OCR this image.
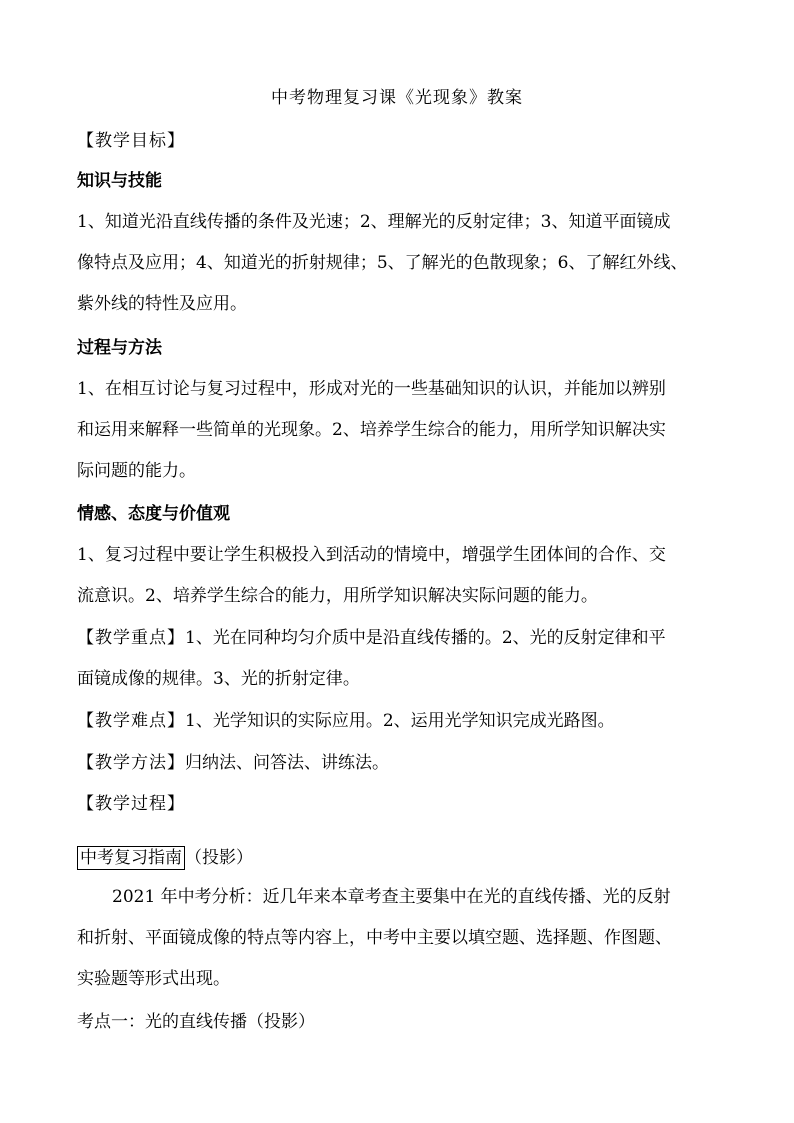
中考物理复习课《光现象》教案
【教学目标】
知识与技能
1、知道光沿直线传播的条件及光速；2、理解光的反射定律；3、知道平面镜成
像特点及应用；4、知道光的折射规律；5、了解光的色散现象；6、了解红外线、
紫外线的特性及应用。
过程与方法
1、在相互讨论与复习过程中，形成对光的一些基础知识的认识，并能加以辨别
和运用来解释一些简单的光现象。2、培养学生综合的能力，用所学知识解决实
际问题的能力。
情感、态度与价值观
1、复习过程中要让学生积极投入到活动的情境中，增强学生团体间的合作、交
流意识。2、培养学生综合的能力，用所学知识解决实际问题的能力。
【教学重点】1、光在同种均匀介质中是沿直线传播的。2、光的反射定律和平
面镜成像的规律。3、光的折射定律。
【教学难点】1、光学知识的实际应用。2、运用光学知识完成光路图。
【教学方法】归纳法、问答法、讲练法。
【教学过程】
中考复习指南 （投影）
2021 年中考分析：近几年来本章考查主要集中在光的直线传播、光的反射
和折射、平面镜成像的特点等内容上，中考中主要以填空题、选择题、作图题、
实验题等形式出现。
考点一：光的直线传播（投影）
